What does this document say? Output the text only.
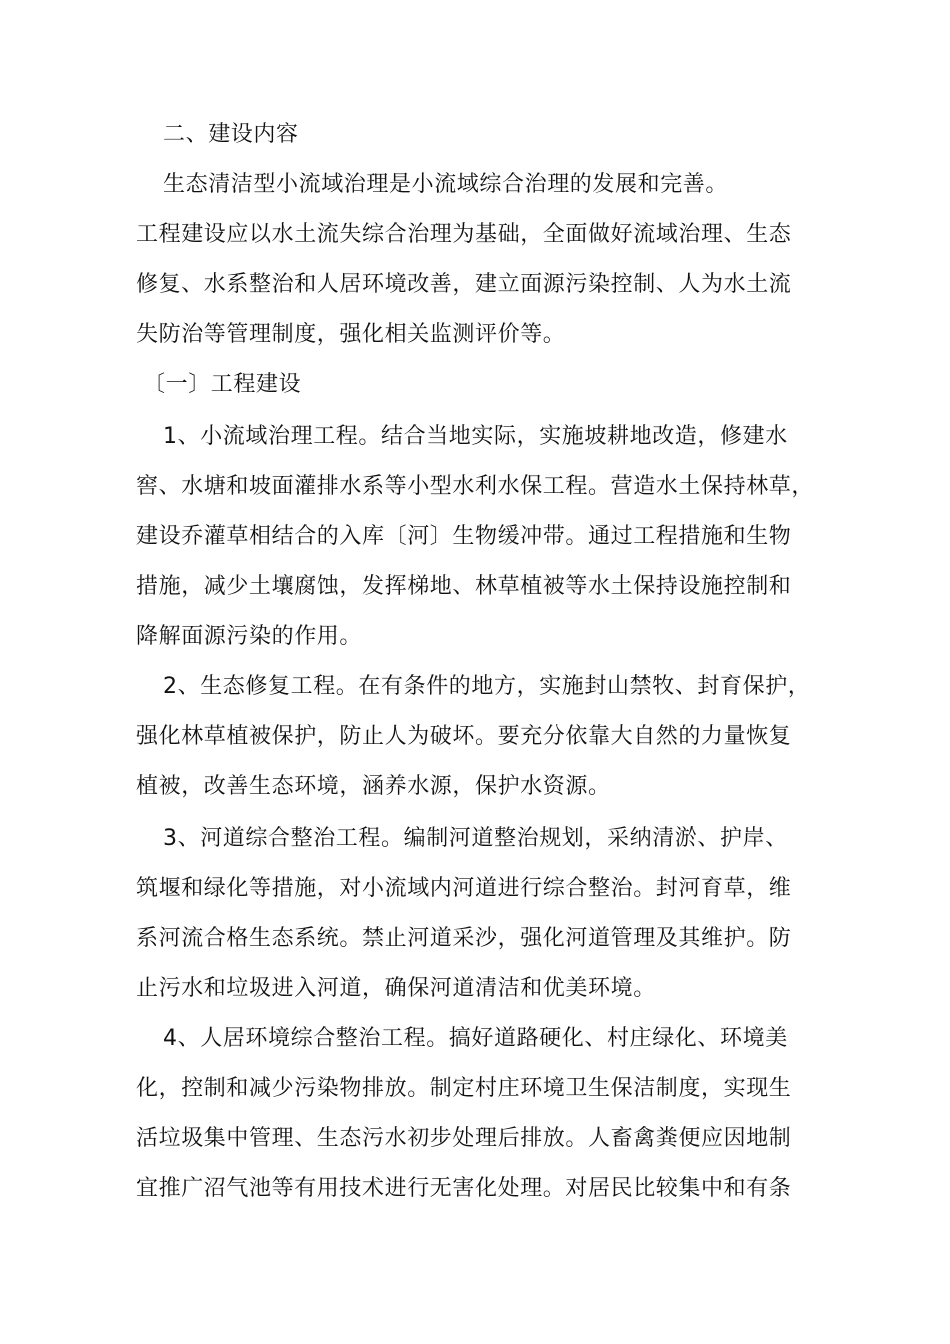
二、建设内容
生态清洁型小流域治理是小流域综合治理的发展和完善。
工程建设应以水土流失综合治理为基础，全面做好流域治理、生态
修复、水系整治和人居环境改善，建立面源污染控制、人为水土流
失防治等管理制度，强化相关监测评价等。
〔一〕工程建设
1、小流域治理工程。结合当地实际，实施坡耕地改造，修建水
窖、水塘和坡面灌排水系等小型水利水保工程。营造水土保持林草，
建设乔灌草相结合的入库〔河〕生物缓冲带。通过工程措施和生物
措施，减少土壤腐蚀，发挥梯地、林草植被等水土保持设施控制和
降解面源污染的作用。
2、生态修复工程。在有条件的地方，实施封山禁牧、封育保护，
强化林草植被保护，防止人为破坏。要充分依靠大自然的力量恢复
植被，改善生态环境，涵养水源，保护水资源。
3、河道综合整治工程。编制河道整治规划，采纳清淤、护岸、
筑堰和绿化等措施，对小流域内河道进行综合整治。封河育草，维
系河流合格生态系统。禁止河道采沙，强化河道管理及其维护。防
止污水和垃圾进入河道，确保河道清洁和优美环境。
4、人居环境综合整治工程。搞好道路硬化、村庄绿化、环境美
化，控制和减少污染物排放。制定村庄环境卫生保洁制度，实现生
活垃圾集中管理、生态污水初步处理后排放。人畜禽粪便应因地制
宜推广沼气池等有用技术进行无害化处理。对居民比较集中和有条
